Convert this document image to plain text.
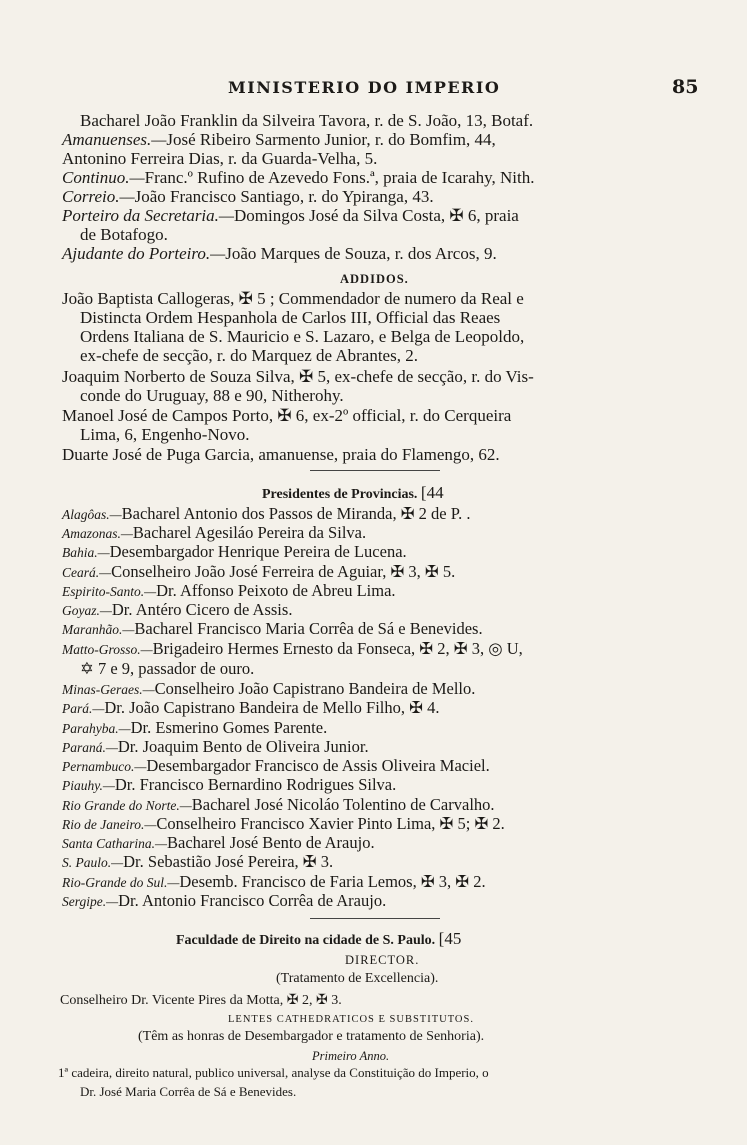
MINISTERIO DO IMPERIO	85
Bacharel João Franklin da Silveira Tavora, r. de S. João, 13, Botaf.
Amanuenses.—José Ribeiro Sarmento Junior, r. do Bomfim, 44,
Antonino Ferreira Dias, r. da Guarda-Velha, 5.
Continuo.—Franc.º Rufino de Azevedo Fons.ª, praia de Icarahy, Nith.
Correio.—João Francisco Santiago, r. do Ypiranga, 43.
Porteiro da Secretaria.—Domingos José da Silva Costa, ✠ 6, praia
de Botafogo.
Ajudante do Porteiro.—João Marques de Souza, r. dos Arcos, 9.
ADDIDOS.
João Baptista Callogeras, ✠ 5 ; Commendador de numero da Real e
Distincta Ordem Hespanhola de Carlos III, Official das Reaes
Ordens Italiana de S. Mauricio e S. Lazaro, e Belga de Leopoldo,
ex-chefe de secção, r. do Marquez de Abrantes, 2.
Joaquim Norberto de Souza Silva, ✠ 5, ex-chefe de secção, r. do Vis-
conde do Uruguay, 88 e 90, Nitherohy.
Manoel José de Campos Porto, ✠ 6, ex-2º official, r. do Cerqueira
Lima, 6, Engenho-Novo.
Duarte José de Puga Garcia, amanuense, praia do Flamengo, 62.
Presidentes de Provincias. [44
Alagôas.—Bacharel Antonio dos Passos de Miranda, ✠ 2 de P. .
Amazonas.—Bacharel Agesiláo Pereira da Silva.
Bahia.—Desembargador Henrique Pereira de Lucena.
Ceará.—Conselheiro João José Ferreira de Aguiar, ✠ 3, ✠ 5.
Espirito-Santo.—Dr. Affonso Peixoto de Abreu Lima.
Goyaz.—Dr. Antéro Cicero de Assis.
Maranhão.—Bacharel Francisco Maria Corrêa de Sá e Benevides.
Matto-Grosso.—Brigadeiro Hermes Ernesto da Fonseca, ✠ 2, ✠ 3, ◎ U,
✡ 7 e 9, passador de ouro.
Minas-Geraes.—Conselheiro João Capistrano Bandeira de Mello.
Pará.—Dr. João Capistrano Bandeira de Mello Filho, ✠ 4.
Parahyba.—Dr. Esmerino Gomes Parente.
Paraná.—Dr. Joaquim Bento de Oliveira Junior.
Pernambuco.—Desembargador Francisco de Assis Oliveira Maciel.
Piauhy.—Dr. Francisco Bernardino Rodrigues Silva.
Rio Grande do Norte.—Bacharel José Nicoláo Tolentino de Carvalho.
Rio de Janeiro.—Conselheiro Francisco Xavier Pinto Lima, ✠ 5; ✠ 2.
Santa Catharina.—Bacharel José Bento de Araujo.
S. Paulo.—Dr. Sebastião José Pereira, ✠ 3.
Rio-Grande do Sul.—Desemb. Francisco de Faria Lemos, ✠ 3, ✠ 2.
Sergipe.—Dr. Antonio Francisco Corrêa de Araujo.
Faculdade de Direito na cidade de S. Paulo. [45
DIRECTOR.
(Tratamento de Excellencia).
Conselheiro Dr. Vicente Pires da Motta, ✠ 2, ✠ 3.
LENTES CATHEDRATICOS E SUBSTITUTOS.
(Têm as honras de Desembargador e tratamento de Senhoria).
Primeiro Anno.
1ª cadeira, direito natural, publico universal, analyse da Constituição do Imperio, o
Dr. José Maria Corrêa de Sá e Benevides.
